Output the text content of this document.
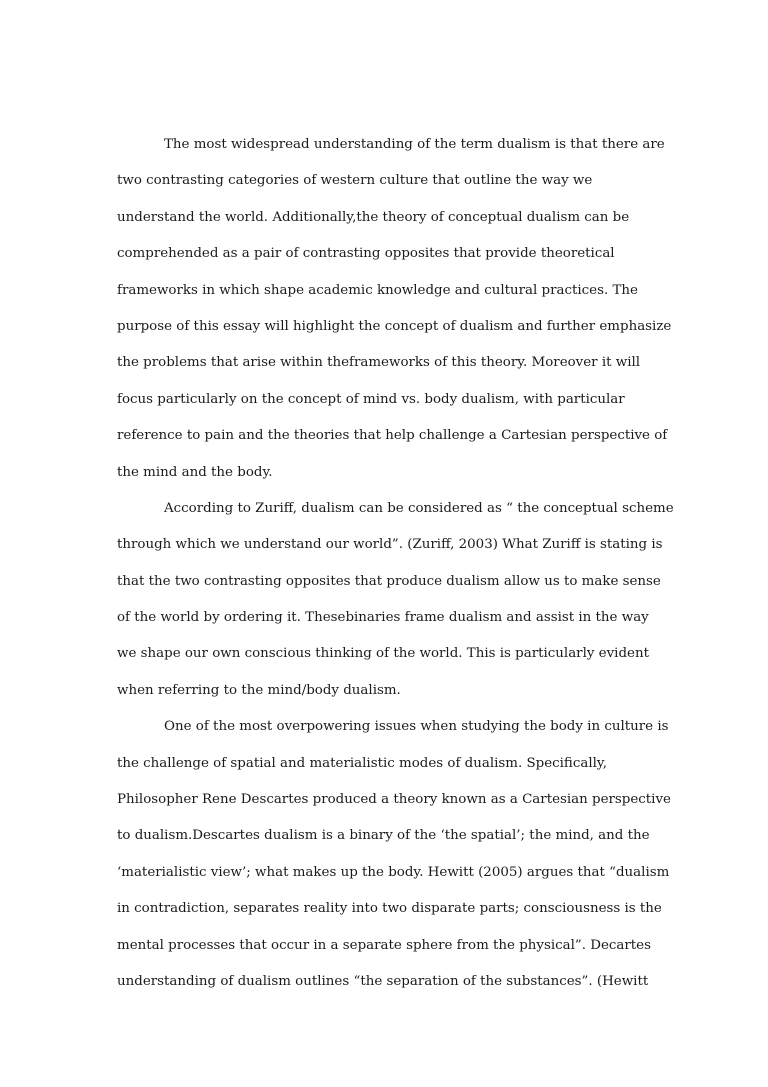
The most widespread understanding of the term dualism is that there are
two contrasting categories of western culture that outline the way we
understand the world. Additionally,the theory of conceptual dualism can be
comprehended as a pair of contrasting opposites that provide theoretical
frameworks in which shape academic knowledge and cultural practices. The
purpose of this essay will highlight the concept of dualism and further emphasize
the problems that arise within theframeworks of this theory. Moreover it will
focus particularly on the concept of mind vs. body dualism, with particular
reference to pain and the theories that help challenge a Cartesian perspective of
the mind and the body.
According to Zuriff, dualism can be considered as “ the conceptual scheme
through which we understand our world”. (Zuriff, 2003) What Zuriff is stating is
that the two contrasting opposites that produce dualism allow us to make sense
of the world by ordering it. Thesebinaries frame dualism and assist in the way
we shape our own conscious thinking of the world. This is particularly evident
when referring to the mind/body dualism.
One of the most overpowering issues when studying the body in culture is
the challenge of spatial and materialistic modes of dualism. Specifically,
Philosopher Rene Descartes produced a theory known as a Cartesian perspective
to dualism.Descartes dualism is a binary of the ‘the spatial’; the mind, and the
‘materialistic view’; what makes up the body. Hewitt (2005) argues that “dualism
in contradiction, separates reality into two disparate parts; consciousness is the
mental processes that occur in a separate sphere from the physical”. Decartes
understanding of dualism outlines “the separation of the substances”. (Hewitt
